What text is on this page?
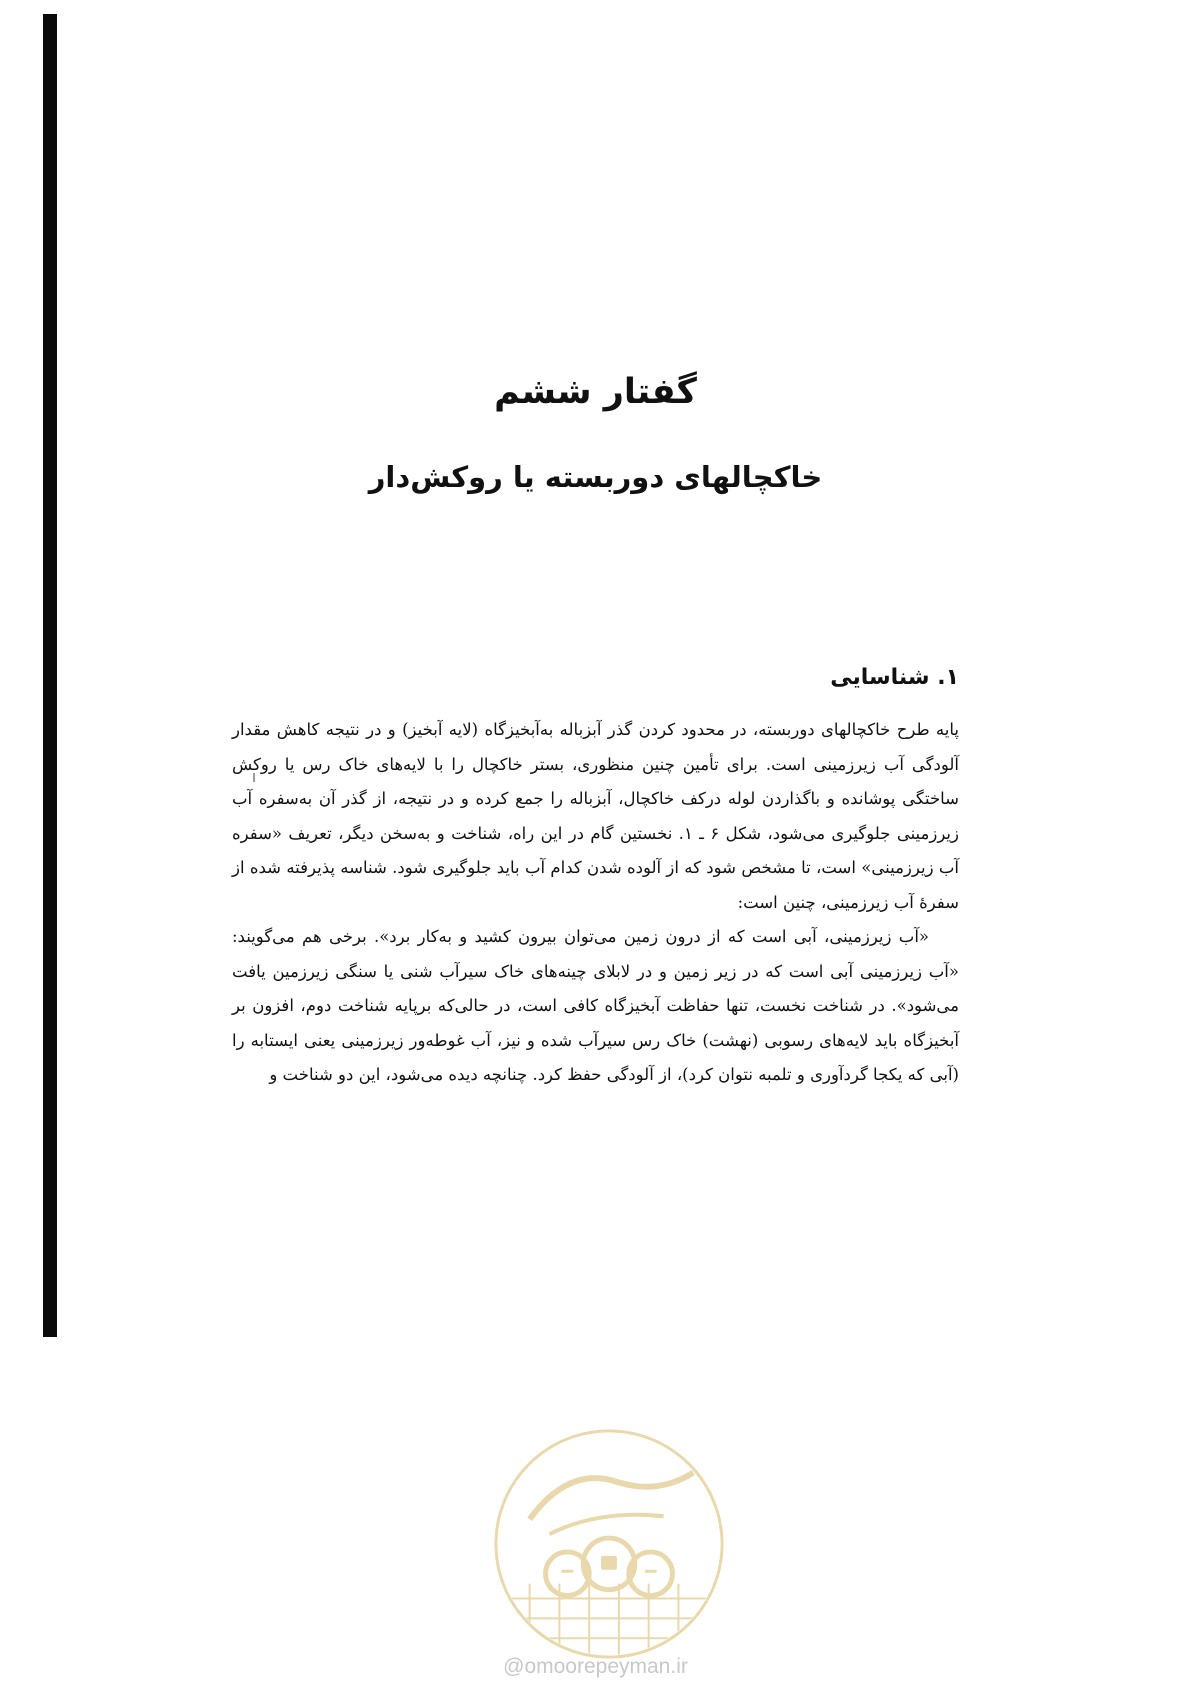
گفتار ششم
خاکچالهای دوربسته یا روکش‌دار
۱. شناسایی

پایه طرح خاکچالهای دوربسته، در محدود کردن گذر آبزباله به‌آبخیزگاه (لایه آبخیز) و در نتیجه کاهش مقدار آلودگی آب زیرزمینی است. برای تأمین چنین منظوری، بستر خاکچال را با لایه‌های خاک رس یا روکش ساختگی پوشانده و باگذاردن لوله درکف خاکچال، آبزباله را جمع کرده و در نتیجه، از گذر آن به‌سفره آب زیرزمینی جلوگیری می‌شود، شکل ۶ ـ ۱. نخستین گام در این راه، شناخت و به‌سخن دیگر، تعریف «سفره آب زیرزمینی» است، تا مشخص شود که از آلوده شدن کدام آب باید جلوگیری شود. شناسه پذیرفته شده از سفرهٔ آب زیرزمینی، چنین است:

«آب زیرزمینی، آبی است که از درون زمین می‌توان بیرون کشید و به‌کار برد». برخی هم می‌گویند: «آب زیرزمینی آبی است که در زیر زمین و در لابلای چینه‌های خاک سیرآب شنی یا سنگی زیرزمین یافت می‌شود». در شناخت نخست، تنها حفاظت آبخیزگاه کافی است، در حالی‌که برپایه شناخت دوم، افزون بر آبخیزگاه باید لایه‌های رسوبی (نهشت) خاک رس سیرآب شده و نیز، آب غوطه‌ور زیرزمینی یعنی ایستابه را (آبی که یکجا گردآوری و تلمبه نتوان کرد)، از آلودگی حفظ کرد. چنانچه دیده می‌شود، این دو شناخت و

@omoorepeyman.ir
